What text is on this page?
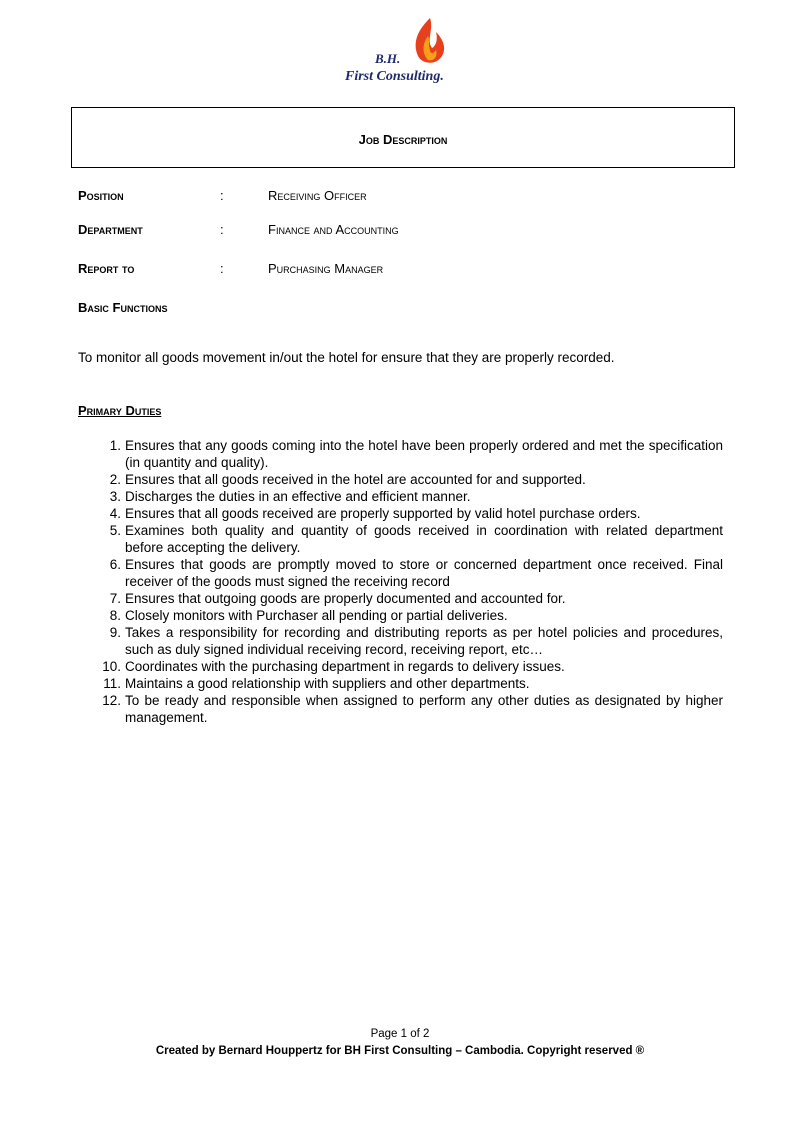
B.H.
First Consulting.
Job Description
Position	:	Receiving Officer
Department	:	Finance and Accounting
Report to	:	Purchasing Manager
Basic Functions
To monitor all goods movement in/out the hotel for ensure that they are properly recorded.
Primary Duties
1. Ensures that any goods coming into the hotel have been properly ordered and met the specification (in quantity and quality).
2. Ensures that all goods received in the hotel are accounted for and supported.
3. Discharges the duties in an effective and efficient manner.
4. Ensures that all goods received are properly supported by valid hotel purchase orders.
5. Examines both quality and quantity of goods received in coordination with related department before accepting the delivery.
6. Ensures that goods are promptly moved to store or concerned department once received. Final receiver of the goods must signed the receiving record
7. Ensures that outgoing goods are properly documented and accounted for.
8. Closely monitors with Purchaser all pending or partial deliveries.
9. Takes a responsibility for recording and distributing reports as per hotel policies and procedures, such as duly signed individual receiving record, receiving report, etc…
10. Coordinates with the purchasing department in regards to delivery issues.
11. Maintains a good relationship with suppliers and other departments.
12. To be ready and responsible when assigned to perform any other duties as designated by higher management.
Page 1 of 2
Created by Bernard Houppertz for BH First Consulting – Cambodia. Copyright reserved ®
